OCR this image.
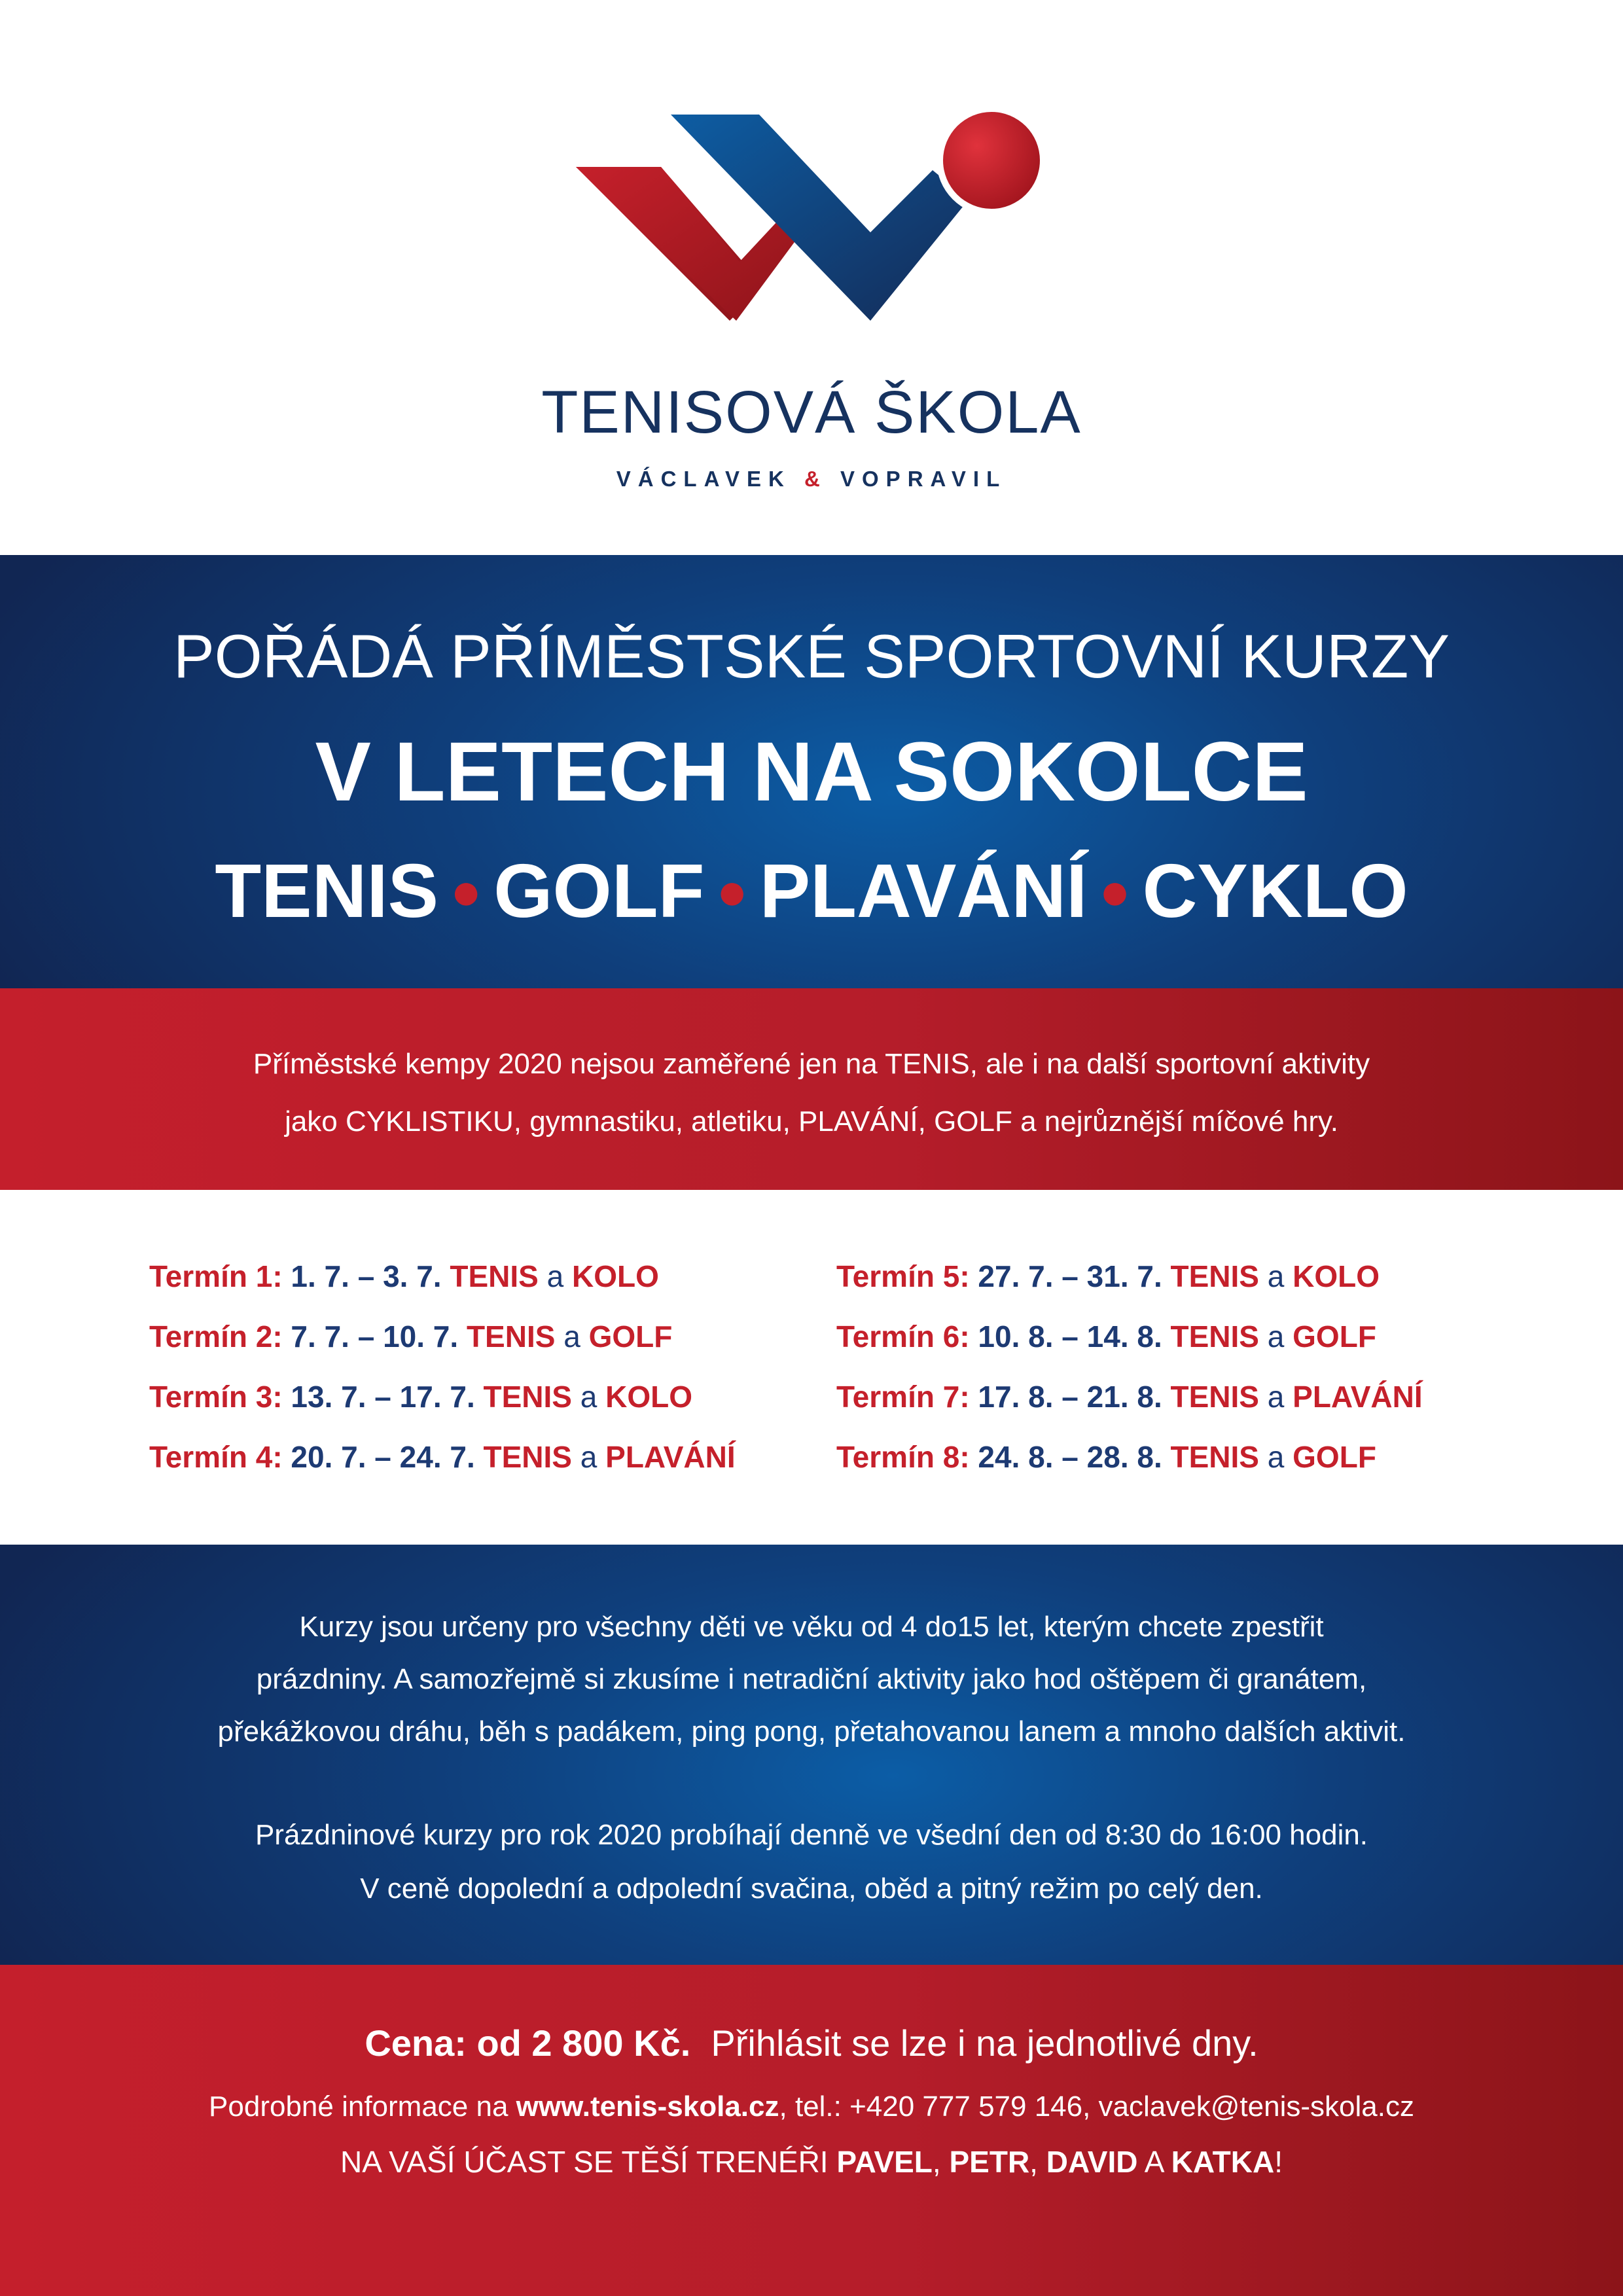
TENISOVÁ ŠKOLA
VÁCLAVEK & VOPRAVIL
POŘÁDÁ PŘÍMĚSTSKÉ SPORTOVNÍ KURZY
V LETECH NA SOKOLCE
TENIS ● GOLF ● PLAVÁNÍ ● CYKLO
Příměstské kempy 2020 nejsou zaměřené jen na TENIS, ale i na další sportovní aktivity
jako CYKLISTIKU, gymnastiku, atletiku, PLAVÁNÍ, GOLF a nejrůznější míčové hry.
Termín 1: 1. 7. – 3. 7. TENIS a KOLO
Termín 2: 7. 7. – 10. 7. TENIS a GOLF
Termín 3: 13. 7. – 17. 7. TENIS a KOLO
Termín 4: 20. 7. – 24. 7. TENIS a PLAVÁNÍ
Termín 5: 27. 7. – 31. 7. TENIS a KOLO
Termín 6: 10. 8. – 14. 8. TENIS a GOLF
Termín 7: 17. 8. – 21. 8. TENIS a PLAVÁNÍ
Termín 8: 24. 8. – 28. 8. TENIS a GOLF
Kurzy jsou určeny pro všechny děti ve věku od 4 do15 let, kterým chcete zpestřit
prázdniny. A samozřejmě si zkusíme i netradiční aktivity jako hod oštěpem či granátem,
překážkovou dráhu, běh s padákem, ping pong, přetahovanou lanem a mnoho dalších aktivit.
Prázdninové kurzy pro rok 2020 probíhají denně ve všední den od 8:30 do 16:00 hodin.
V ceně dopolední a odpolední svačina, oběd a pitný režim po celý den.
Cena: od 2 800 Kč. Přihlásit se lze i na jednotlivé dny.
Podrobné informace na www.tenis-skola.cz, tel.: +420 777 579 146, vaclavek@tenis-skola.cz
NA VAŠÍ ÚČAST SE TĚŠÍ TRENÉŘI PAVEL, PETR, DAVID A KATKA!
